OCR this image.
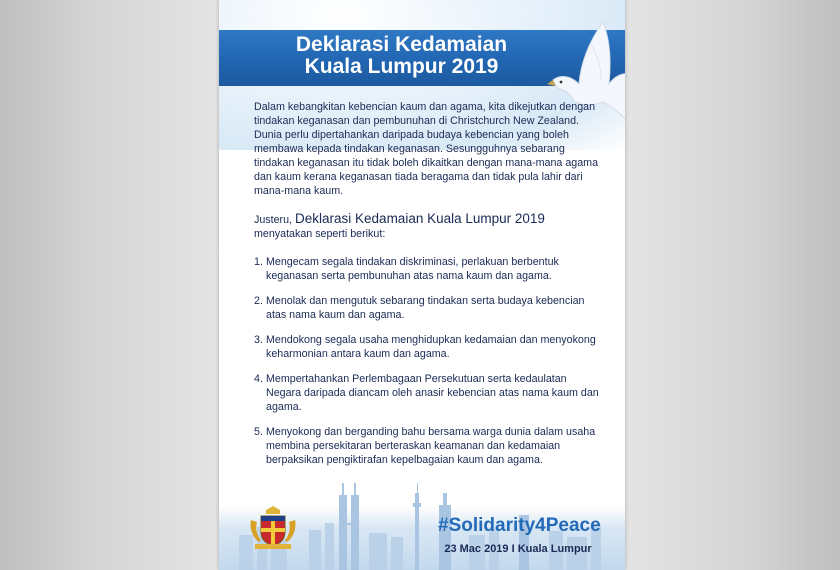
Deklarasi Kedamaian
Kuala Lumpur 2019

Dalam kebangkitan kebencian kaum dan agama, kita dikejutkan dengan tindakan keganasan dan pembunuhan di Christchurch New Zealand. Dunia perlu dipertahankan daripada budaya kebencian yang boleh membawa kepada tindakan keganasan. Sesungguhnya sebarang tindakan keganasan itu tidak boleh dikaitkan dengan mana-mana agama dan kaum kerana keganasan tiada beragama dan tidak pula lahir dari mana-mana kaum.

Justeru, Deklarasi Kedamaian Kuala Lumpur 2019
menyatakan seperti berikut:

1. Mengecam segala tindakan diskriminasi, perlakuan berbentuk keganasan serta pembunuhan atas nama kaum dan agama.
2. Menolak dan mengutuk sebarang tindakan serta budaya kebencian atas nama kaum dan agama.
3. Mendokong segala usaha menghidupkan kedamaian dan menyokong keharmonian antara kaum dan agama.
4. Mempertahankan Perlembagaan Persekutuan serta kedaulatan Negara daripada diancam oleh anasir kebencian atas nama kaum dan agama.
5. Menyokong dan berganding bahu bersama warga dunia dalam usaha membina persekitaran berteraskan keamanan dan kedamaian berpaksikan pengiktirafan kepelbagaian kaum dan agama.
#Solidarity4Peace
23 Mac 2019 I Kuala Lumpur
